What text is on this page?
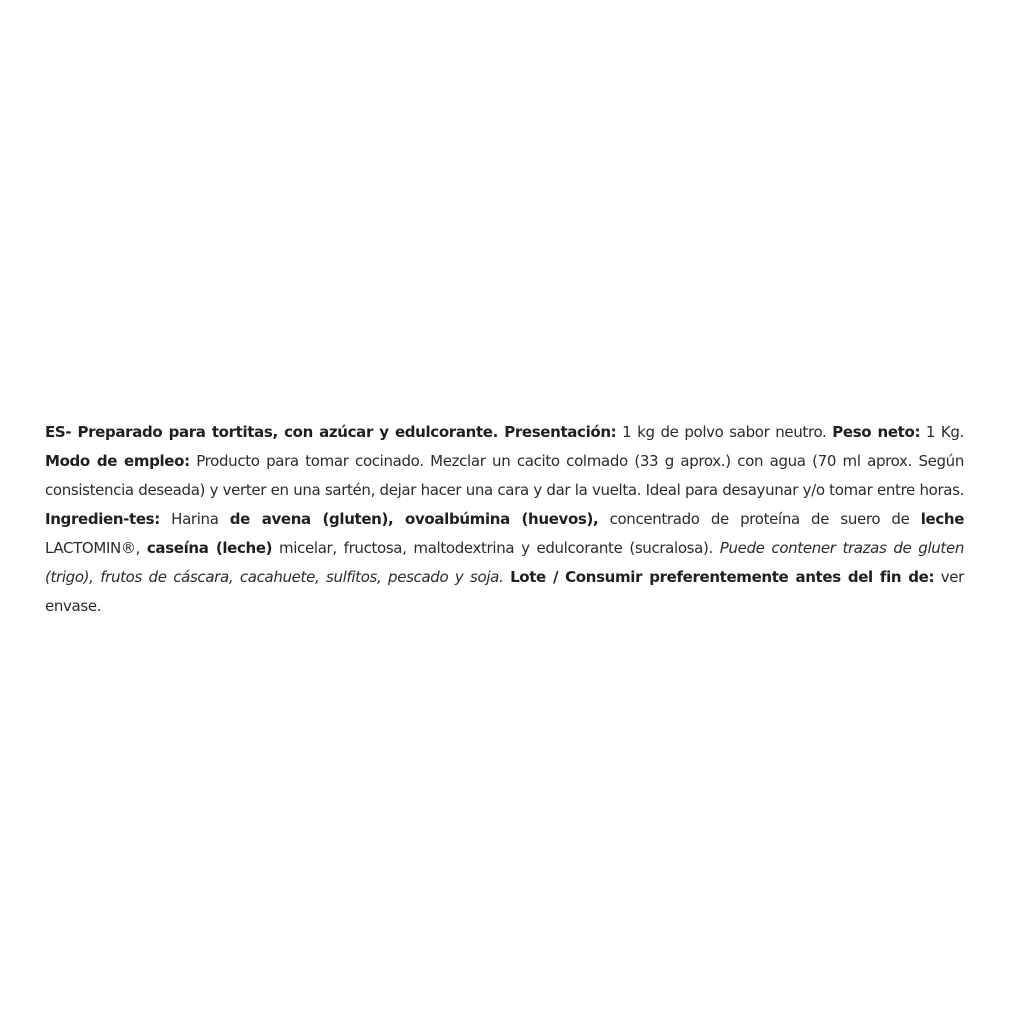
ES- Preparado para tortitas, con azúcar y edulcorante. Presentación: 1 kg de polvo sabor neutro. Peso neto: 1 Kg. Modo de empleo: Producto para tomar cocinado. Mezclar un cacito colmado (33 g aprox.) con agua (70 ml aprox. Según consistencia deseada) y verter en una sartén, dejar hacer una cara y dar la vuelta. Ideal para desayunar y/o tomar entre horas. Ingredien-tes: Harina de avena (gluten), ovoalbúmina (huevos), concentrado de proteína de suero de leche LACTOMIN®, caseína (leche) micelar, fructosa, maltodextrina y edulcorante (sucralosa). Puede contener trazas de gluten (trigo), frutos de cáscara, cacahuete, sulfitos, pescado y soja. Lote / Consumir preferentemente antes del fin de: ver envase.
